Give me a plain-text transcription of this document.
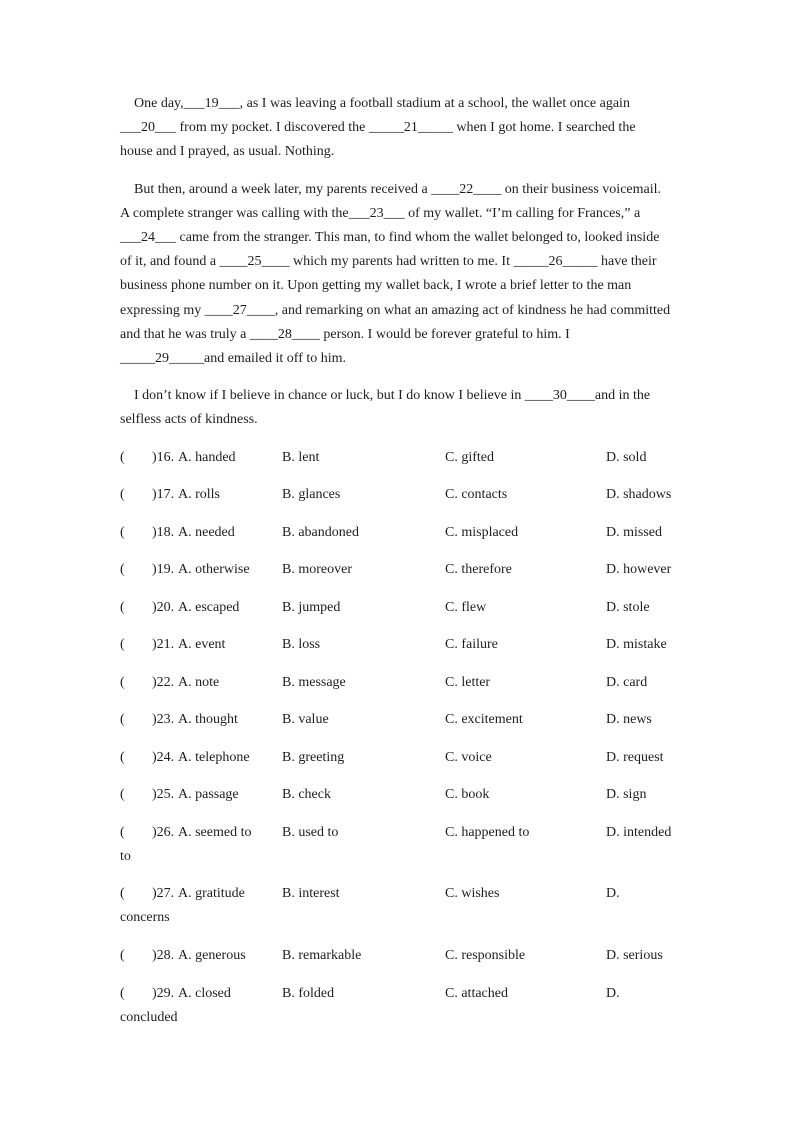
One day,___19___, as I was leaving a football stadium at a school, the wallet once again
___20___ from my pocket. I discovered the _____21_____ when I got home. I searched the
house and I prayed, as usual. Nothing.
But then, around a week later, my parents received a ____22____ on their business voicemail.
A complete stranger was calling with the___23___ of my wallet. “I’m calling for Frances,” a
___24___ came from the stranger. This man, to find whom the wallet belonged to, looked inside
of it, and found a ____25____ which my parents had written to me. It _____26_____ have their
business phone number on it. Upon getting my wallet back, I wrote a brief letter to the man
expressing my ____27____, and remarking on what an amazing act of kindness he had committed
and that he was truly a ____28____ person. I would be forever grateful to him. I
_____29_____and emailed it off to him.
I don’t know if I believe in chance or luck, but I do know I believe in ____30____and in the
selfless acts of kindness.
( )16. A. handed	B. lent	C. gifted	D. sold
( )17. A. rolls	B. glances	C. contacts	D. shadows
( )18. A. needed	B. abandoned	C. misplaced	D. missed
( )19. A. otherwise B. moreover	C. therefore	D. however
( )20. A. escaped	B. jumped	C. flew	D. stole
( )21. A. event	B. loss	C. failure	D. mistake
( )22. A. note	B. message	C. letter	D. card
( )23. A. thought	B. value	C. excitement	D. news
( )24. A. telephone B. greeting	C. voice	D. request
( )25. A. passage	B. check	C. book	D. sign
( )26. A. seemed to B. used to	C. happened to	D. intended
to
( )27. A. gratitude	B. interest	C. wishes	D.
concerns
( )28. A. generous	B. remarkable	C. responsible	D. serious
( )29. A. closed	B. folded	C. attached	D.
concluded
